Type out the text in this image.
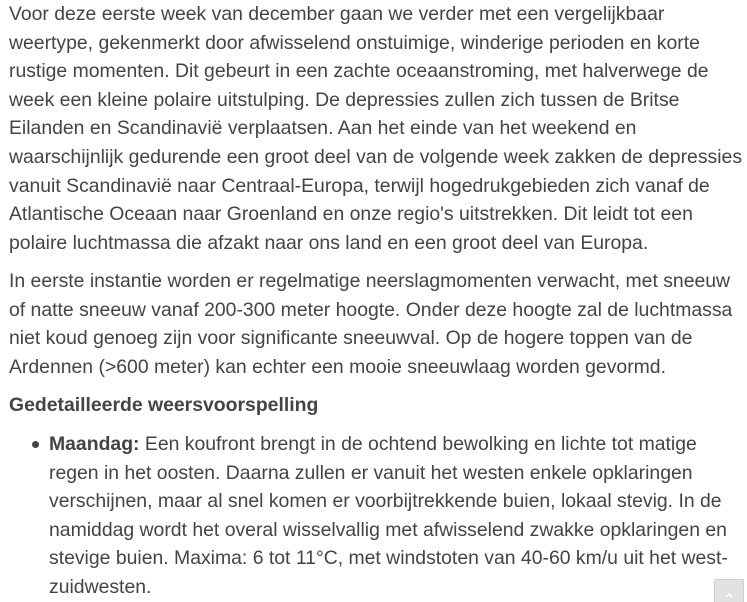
Voor deze eerste week van december gaan we verder met een vergelijkbaar
weertype, gekenmerkt door afwisselend onstuimige, winderige perioden en korte
rustige momenten. Dit gebeurt in een zachte oceaanstroming, met halverwege de
week een kleine polaire uitstulping. De depressies zullen zich tussen de Britse
Eilanden en Scandinavië verplaatsen. Aan het einde van het weekend en
waarschijnlijk gedurende een groot deel van de volgende week zakken de depressies
vanuit Scandinavië naar Centraal-Europa, terwijl hogedrukgebieden zich vanaf de
Atlantische Oceaan naar Groenland en onze regio's uitstrekken. Dit leidt tot een
polaire luchtmassa die afzakt naar ons land en een groot deel van Europa.

In eerste instantie worden er regelmatige neerslagmomenten verwacht, met sneeuw
of natte sneeuw vanaf 200-300 meter hoogte. Onder deze hoogte zal de luchtmassa
niet koud genoeg zijn voor significante sneeuwval. Op de hogere toppen van de
Ardennen (>600 meter) kan echter een mooie sneeuwlaag worden gevormd.

Gedetailleerde weersvoorspelling
Maandag: Een koufront brengt in de ochtend bewolking en lichte tot matige
regen in het oosten. Daarna zullen er vanuit het westen enkele opklaringen
verschijnen, maar al snel komen er voorbijtrekkende buien, lokaal stevig. In de
namiddag wordt het overal wisselvallig met afwisselend zwakke opklaringen en
stevige buien. Maxima: 6 tot 11°C, met windstoten van 40-60 km/u uit het west-
zuidwesten.
